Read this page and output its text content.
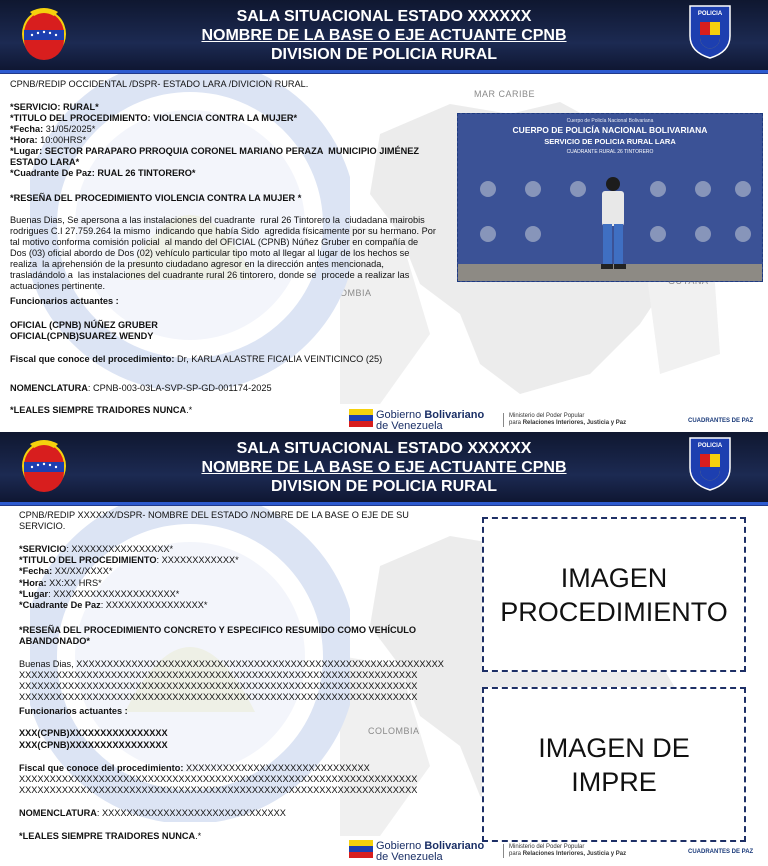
MAR CARIBE
OMBIA
POLICIA
SALA SITUACIONAL ESTADO XXXXXX
NOMBRE DE LA BASE O EJE ACTUANTE CPNB
DIVISION DE POLICIA RURAL
CPNB/REDIP OCCIDENTAL /DSPR- ESTADO LARA /DIVICION RURAL.
*SERVICIO: RURAL*
*TITULO DEL PROCEDIMIENTO: VIOLENCIA CONTRA LA MUJER*
*Fecha: 31/05/2025*
*Hora: 10:00HRS*
*Lugar: SECTOR PARAPARO PRROQUIA CORONEL MARIANO PERAZA  MUNICIPIO JIMÉNEZ
ESTADO LARA*
*Cuadrante De Paz: RUAL 26 TINTORERO*
*RESEÑA DEL PROCEDIMIENTO VIOLENCIA CONTRA LA MUJER *
Buenas Dias, Se apersona a las instalaciones del cuadrante  rural 26 Tintorero la  ciudadana mairobis
rodrigues C.I 27.759.264 la mismo  indicando que había Sido  agredida físicamente por su hermano. Por
tal motivo conforma comisión policial  al mando del OFICIAL (CPNB) Núñez Gruber en compañía de
Dos (03) oficial abordo de Dos (02) vehículo particular tipo moto al llegar al lugar de los hechos se
realiza  la aprehensión de la presunto ciudadano agresor en la dirección antes mencionada,
trasladándolo a  las instalaciones del cuadrante rural 26 tintorero, donde se  procede a realizar las
actuaciones pertinente.
Funcionarios actuantes :
OFICIAL (CPNB) NÚÑEZ GRUBER
OFICIAL(CPNB)SUAREZ WENDY
Fiscal que conoce del procedimiento: Dr, KARLA ALASTRE FICALIA VEINTICINCO (25)
NOMENCLATURA: CPNB-003-03LA-SVP-SP-GD-001174-2025
*LEALES SIEMPRE TRAIDORES NUNCA.*
Cuerpo de Policía Nacional Bolivariana
CUERPO DE POLICÍA NACIONAL BOLIVARIANA
SERVICIO DE POLICIA RURAL LARA
CUADRANTE RURAL 26 TINTORERO
Gobierno Bolivariano
de Venezuela
Ministerio del Poder Popular
para Relaciones Interiores, Justicia y Paz	CUADRANTES DE PAZ
COLOMBIA
POLICIA
SALA SITUACIONAL ESTADO XXXXXX
NOMBRE DE LA BASE O EJE ACTUANTE CPNB
DIVISION DE POLICIA RURAL
CPNB/REDIP XXXXXX/DSPR- NOMBRE DEL ESTADO /NOMBRE DE LA BASE O EJE DE SU
SERVICIO.
*SERVICIO: XXXXXXXXXXXXXXXX*
*TITULO DEL PROCEDIMIENTO: XXXXXXXXXXXX*
*Fecha: XX/XX/XXXX*
*Hora: XX:XX HRS*
*Lugar: XXXXXXXXXXXXXXXXXXXX*
*Cuadrante De Paz: XXXXXXXXXXXXXXXX*
*RESEÑA DEL PROCEDIMIENTO CONCRETO Y ESPECIFICO RESUMIDO COMO VEHÍCULO
ABANDONADO*
Buenas Dias, XXXXXXXXXXXXXXXXXXXXXXXXXXXXXXXXXXXXXXXXXXXXXXXXXXXXXXXXXXXX
XXXXXXXXXXXXXXXXXXXXXXXXXXXXXXXXXXXXXXXXXXXXXXXXXXXXXXXXXXXXXXXXX
XXXXXXXXXXXXXXXXXXXXXXXXXXXXXXXXXXXXXXXXXXXXXXXXXXXXXXXXXXXXXXXXX
XXXXXXXXXXXXXXXXXXXXXXXXXXXXXXXXXXXXXXXXXXXXXXXXXXXXXXXXXXXXXXXXX
Funcionarios actuantes :
XXX(CPNB)XXXXXXXXXXXXXXXX
XXX(CPNB)XXXXXXXXXXXXXXXX
Fiscal que conoce del procedimiento: XXXXXXXXXXXXXXXXXXXXXXXXXXXXXX
XXXXXXXXXXXXXXXXXXXXXXXXXXXXXXXXXXXXXXXXXXXXXXXXXXXXXXXXXXXXXXXXX
XXXXXXXXXXXXXXXXXXXXXXXXXXXXXXXXXXXXXXXXXXXXXXXXXXXXXXXXXXXXXXXXX
NOMENCLATURA: XXXXXXXXXXXXXXXXXXXXXXXXXXXXXX
*LEALES SIEMPRE TRAIDORES NUNCA.*
IMAGEN
PROCEDIMIENTO
IMAGEN DE
IMPRE
Gobierno Bolivariano
de Venezuela
Ministerio del Poder Popular
para Relaciones Interiores, Justicia y Paz	CUADRANTES DE PAZ
